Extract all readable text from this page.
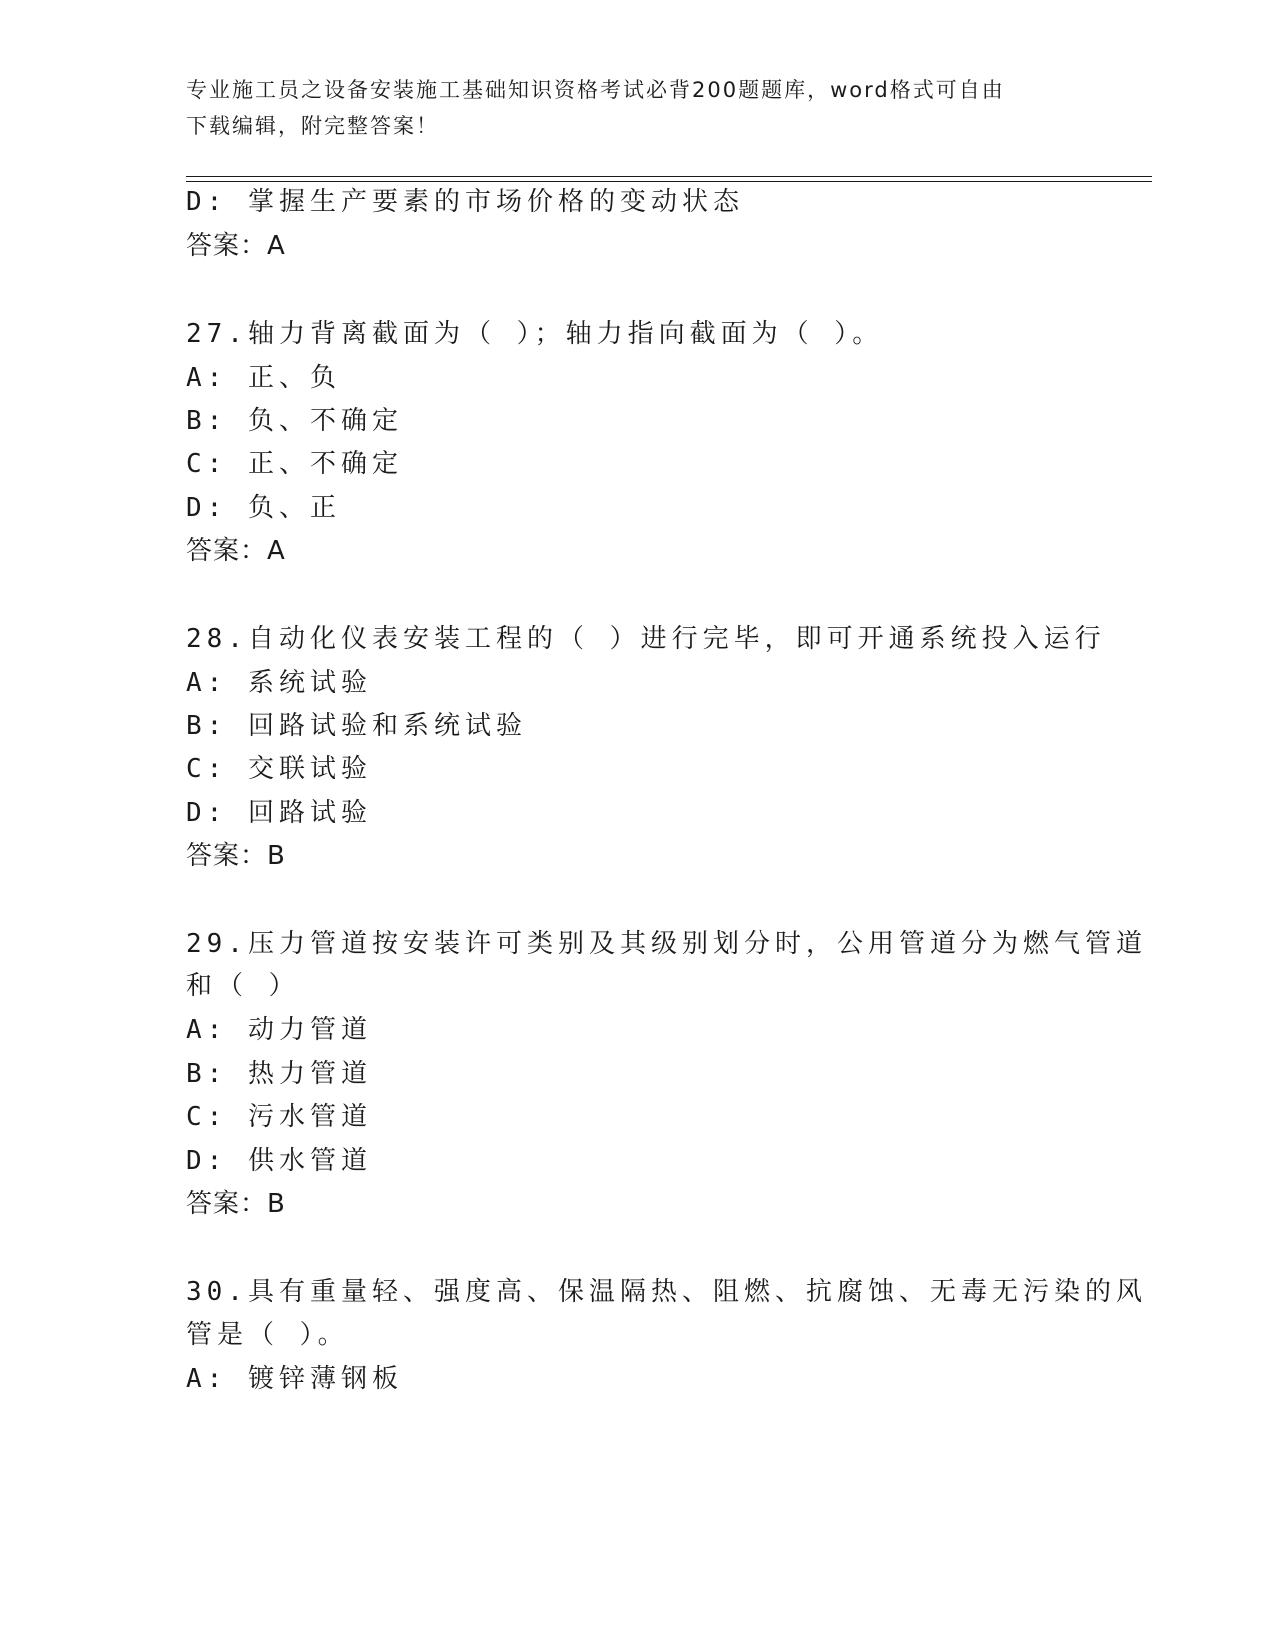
专业施工员之设备安装施工基础知识资格考试必背200题题库，word格式可自由
下载编辑，附完整答案！
D: 掌握生产要素的市场价格的变动状态
答案：A
27.轴力背离截面为（ ）；轴力指向截面为（ ）。
A: 正、负
B: 负、不确定
C: 正、不确定
D: 负、正
答案：A
28.自动化仪表安装工程的（ ）进行完毕，即可开通系统投入运行
A: 系统试验
B: 回路试验和系统试验
C: 交联试验
D: 回路试验
答案：B
29.压力管道按安装许可类别及其级别划分时，公用管道分为燃气管道
和（ ）
A: 动力管道
B: 热力管道
C: 污水管道
D: 供水管道
答案：B
30.具有重量轻、强度高、保温隔热、阻燃、抗腐蚀、无毒无污染的风
管是（ ）。
A: 镀锌薄钢板
